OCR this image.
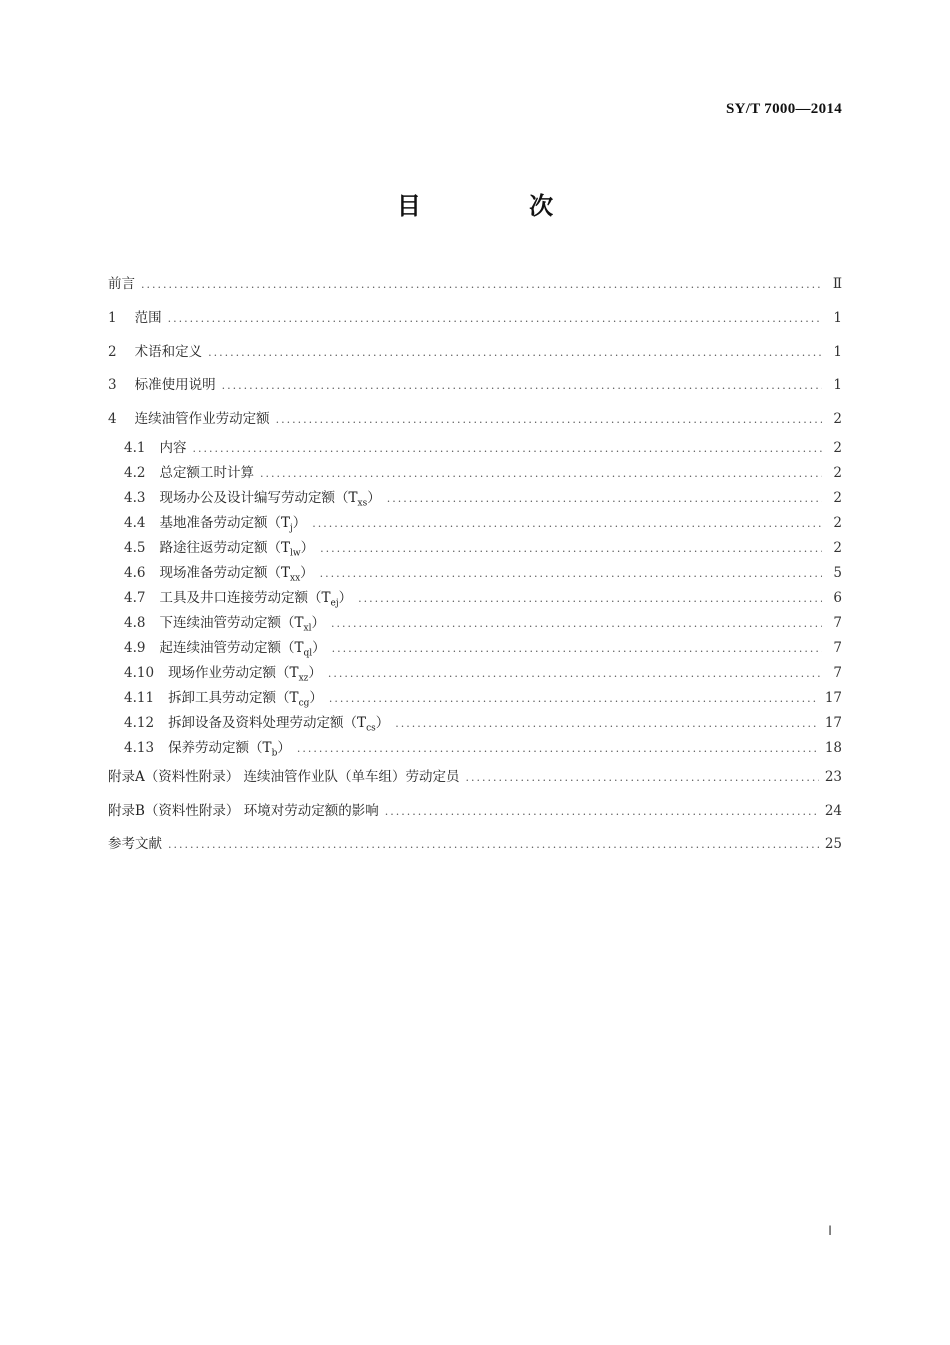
SY/T 7000—2014
目 次
前言 .....	Ⅱ
1 范围 .....	1
2 术语和定义 .....	1
3 标准使用说明 .....	1
4 连续油管作业劳动定额 .....	2
4.1 内容 .....	2
4.2 总定额工时计算 .....	2
4.3 现场办公及设计编写劳动定额$(T_{xs})$ .....	2
4.4 基地准备劳动定额$(T_j)$ .....	2
4.5 路途往返劳动定额$(T_{lw})$ .....	2
4.6 现场准备劳动定额$(T_{xx})$ .....	5
4.7 工具及井口连接劳动定额$(T_{ej})$ .....	6
4.8 下连续油管劳动定额$(T_{xl})$ .....	7
4.9 起连续油管劳动定额$(T_{ql})$ .....	7
4.10 现场作业劳动定额$(T_{xz})$ .....	7
4.11 拆卸工具劳动定额$(T_{cg})$ .....	17
4.12 拆卸设备及资料处理劳动定额$(T_{cs})$ .....	17
4.13 保养劳动定额$(T_b)$ .....	18
附录A（资料性附录） 连续油管作业队（单车组）劳动定员 .....	23
附录B（资料性附录） 环境对劳动定额的影响 .....	24
参考文献 .....	25
Ⅰ
